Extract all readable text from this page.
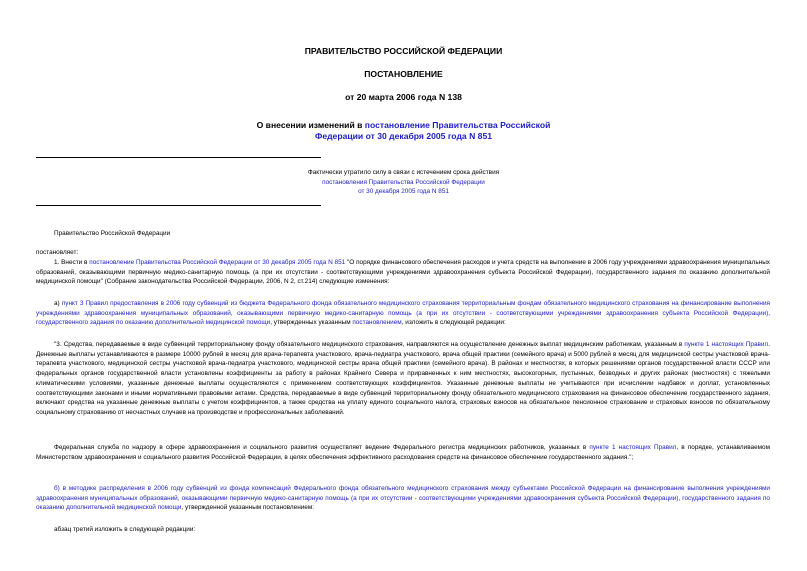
ПРАВИТЕЛЬСТВО РОССИЙСКОЙ ФЕДЕРАЦИИ
ПОСТАНОВЛЕНИЕ
от 20 марта 2006 года N 138
О внесении изменений в постановление Правительства Российской Федерации от 30 декабря 2005 года N 851
Фактически утратило силу в связи с истечением срока действия
постановления Правительства Российской Федерации
от 30 декабря 2005 года N 851
Правительство Российской Федерации
постановляет:
1. Внести в постановление Правительства Российской Федерации от 30 декабря 2005 года N 851 "О порядке финансового обеспечения расходов и учета средств на выполнение в 2006 году учреждениями здравоохранения муниципальных образований, оказывающими первичную медико-санитарную помощь (а при их отсутствии - соответствующими учреждениями здравоохранения субъекта Российской Федерации), государственного задания по оказанию дополнительной медицинской помощи" (Собрание законодательства Российской Федерации, 2006, N 2, ст.214) следующие изменения:
а) пункт 3 Правил предоставления в 2006 году субвенций из бюджета Федерального фонда обязательного медицинского страхования территориальным фондам обязательного медицинского страхования на финансирование выполнения учреждениями здравоохранения муниципальных образований, оказывающими первичную медико-санитарную помощь (а при их отсутствии - соответствующими учреждениями здравоохранения субъекта Российской Федерации), государственного задания по оказанию дополнительной медицинской помощи, утвержденных указанным постановлением, изложить в следующей редакции:
"3. Средства, передаваемые в виде субвенций территориальному фонду обязательного медицинского страхования, направляются на осуществление денежных выплат медицинским работникам, указанным в пункте 1 настоящих Правил. Денежные выплаты устанавливаются в размере 10000 рублей в месяц для врача-терапевта участкового, врача-педиатра участкового, врача общей практики (семейного врача) и 5000 рублей в месяц для медицинской сестры участковой врача-терапевта участкового, медицинской сестры участковой врача-педиатра участкового, медицинской сестры врача общей практики (семейного врача). В районах и местностях, в которых решениями органов государственной власти СССР или федеральных органов государственной власти установлены коэффициенты за работу в районах Крайнего Севера и приравненных к ним местностях, высокогорных, пустынных, безводных и других районах (местностях) с тяжелыми климатическими условиями, указанные денежные выплаты осуществляются с применением соответствующих коэффициентов. Указанные денежные выплаты не учитываются при исчислении надбавок и доплат, установленных соответствующими законами и иными нормативными правовыми актами. Средства, передаваемые в виде субвенций территориальному фонду обязательного медицинского страхования на финансовое обеспечение государственного задания, включают средства на указанные денежные выплаты с учетом коэффициентов, а также средства на уплату единого социального налога, страховых взносов на обязательное пенсионное страхование и страховых взносов по обязательному социальному страхованию от несчастных случаев на производстве и профессиональных заболеваний.
Федеральная служба по надзору в сфере здравоохранения и социального развития осуществляет ведение Федерального регистра медицинских работников, указанных в пункте 1 настоящих Правил, в порядке, устанавливаемом Министерством здравоохранения и социального развития Российской Федерации, в целях обеспечения эффективного расходования средств на финансовое обеспечение государственного задания.";
б) в методике распределения в 2006 году субвенций из фонда компенсаций Федерального фонда обязательного медицинского страхования между субъектами Российской Федерации на финансирование выполнения учреждениями здравоохранения муниципальных образований, оказывающими первичную медико-санитарную помощь (а при их отсутствии - соответствующими учреждениями здравоохранения субъекта Российской Федерации), государственного задания по оказанию дополнительной медицинской помощи, утвержденной указанным постановлением:
абзац третий изложить в следующей редакции:
